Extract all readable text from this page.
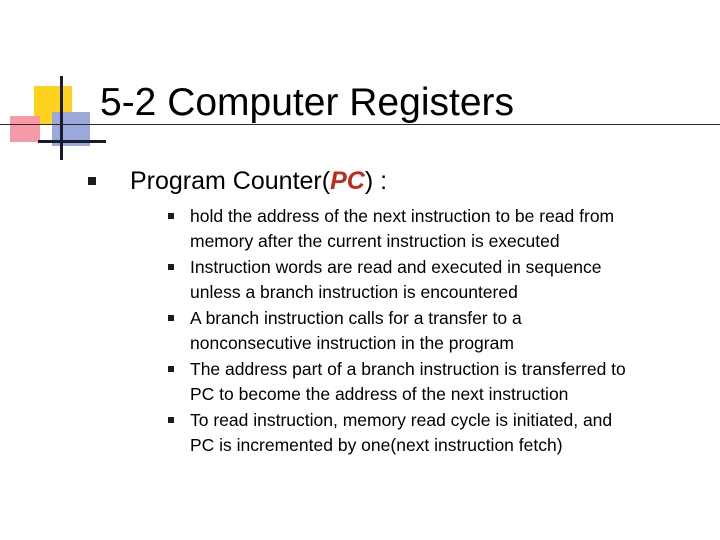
5-2 Computer Registers
Program Counter(PC) :
hold the address of the next instruction to be read from
memory after the current instruction is executed
Instruction words are read and executed in sequence
unless a branch instruction is encountered
A branch instruction calls for a transfer to a
nonconsecutive instruction in the program
The address part of a branch instruction is transferred to
PC to become the address of the next instruction
To read instruction, memory read cycle is initiated, and
PC is incremented by one(next instruction fetch)
